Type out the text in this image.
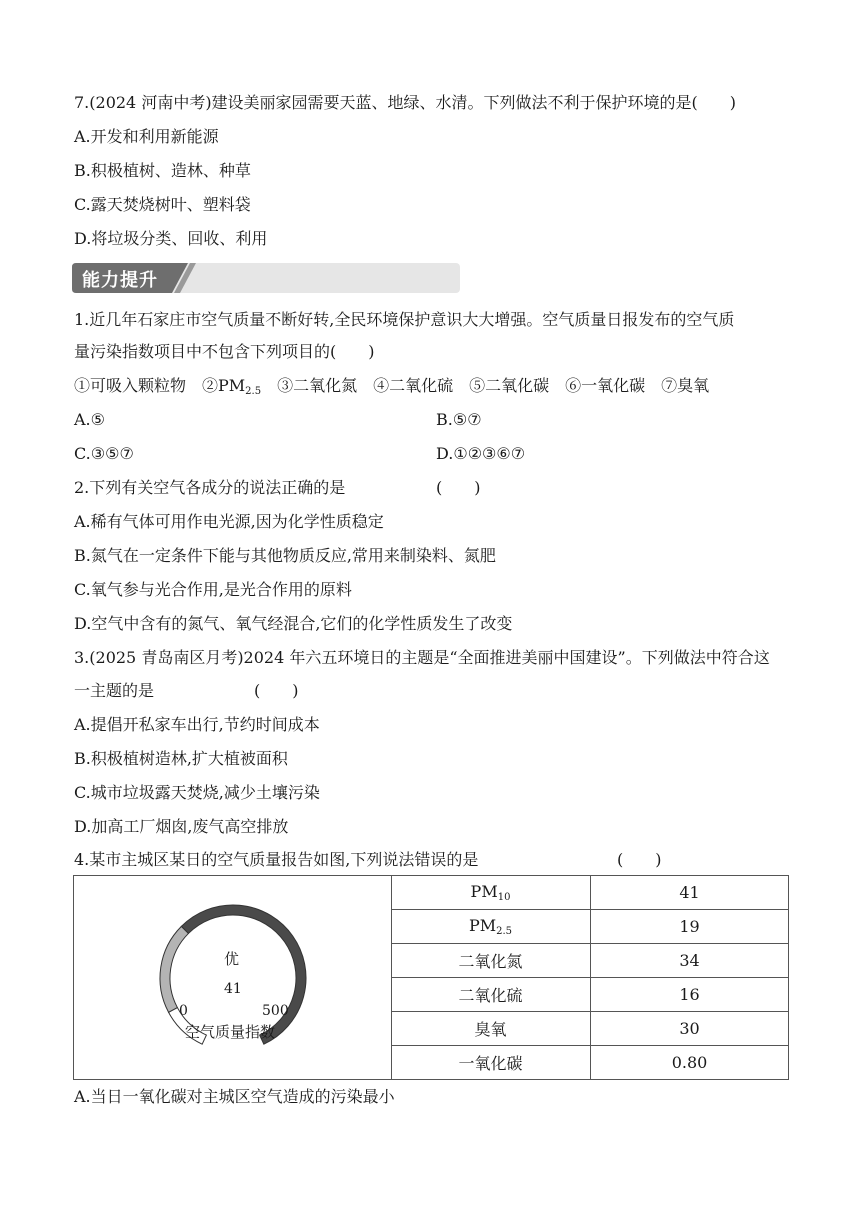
7.(2024 河南中考)建设美丽家园需要天蓝、地绿、水清。下列做法不利于保护环境的是(　　)
A.开发和利用新能源
B.积极植树、造林、种草
C.露天焚烧树叶、塑料袋
D.将垃圾分类、回收、利用
能力提升
1.近几年石家庄市空气质量不断好转,全民环境保护意识大大增强。空气质量日报发布的空气质
量污染指数项目中不包含下列项目的(　　)
①可吸入颗粒物　$②PM_{2.5}$　③二氧化氮　④二氧化硫　⑤二氧化碳　⑥一氧化碳　⑦臭氧
A.⑤	B.⑤⑦
C.③⑤⑦	D.①②③⑥⑦
2.下列有关空气各成分的说法正确的是	(　　)
A.稀有气体可用作电光源,因为化学性质稳定
B.氮气在一定条件下能与其他物质反应,常用来制染料、氮肥
C.氧气参与光合作用,是光合作用的原料
D.空气中含有的氮气、氧气经混合,它们的化学性质发生了改变
3.(2025 青岛南区月考)2024 年六五环境日的主题是“全面推进美丽中国建设”。下列做法中符合这
一主题的是	(　　)
A.提倡开私家车出行,节约时间成本
B.积极植树造林,扩大植被面积
C.城市垃圾露天焚烧,减少土壤污染
D.加高工厂烟囱,废气高空排放
4.某市主城区某日的空气质量报告如图,下列说法错误的是	(　　)
优
41
0	500
空气质量指数
$PM_{10}$	41
$PM_{2.5}$	19
二氧化氮	34
二氧化硫	16
臭氧	30
一氧化碳	0.80
A.当日一氧化碳对主城区空气造成的污染最小
